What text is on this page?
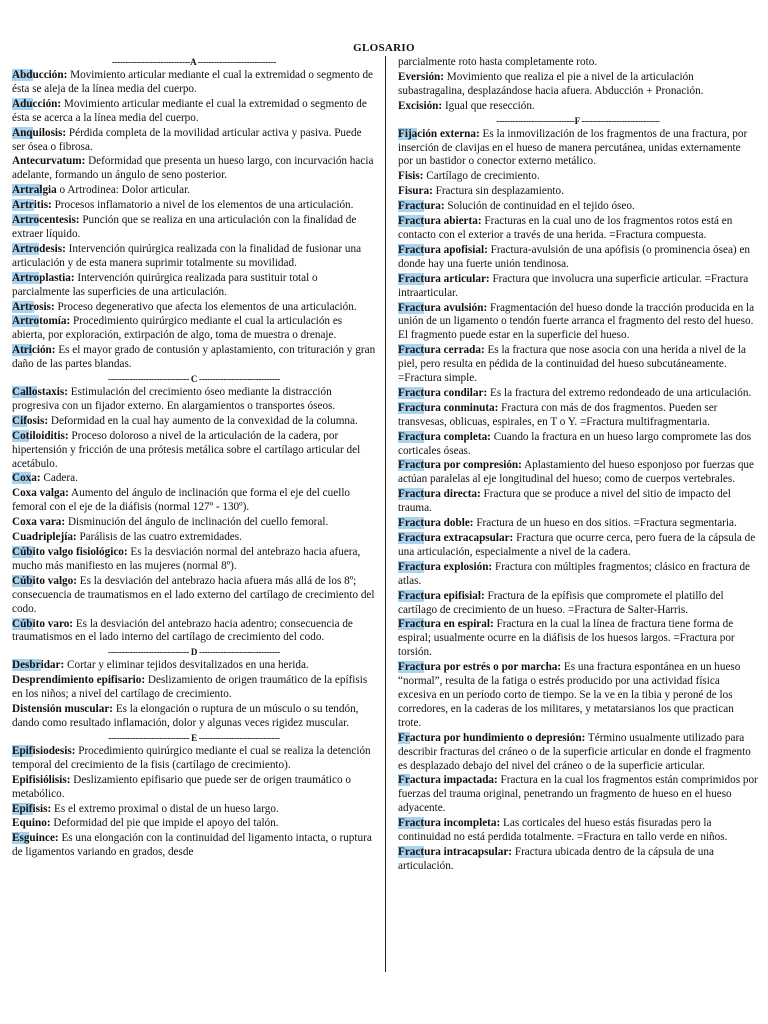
GLOSARIO
-----------------------------A -----------------------------
Abducción: Movimiento articular mediante el cual la extremidad o segmento de ésta se aleja de la línea media del cuerpo.
Aducción: Movimiento articular mediante el cual la extremidad o segmento de ésta se acerca a la línea media del cuerpo.
Anquilosis: Pérdida completa de la movilidad articular activa y pasiva. Puede ser ósea o fibrosa.
Antecurvatum: Deformidad que presenta un hueso largo, con incurvación hacia adelante, formando un ángulo de seno posterior.
Artralgia o Artrodinea: Dolor articular.
Artritis: Procesos inflamatorio a nivel de los elementos de una articulación.
Artrocentesis: Punción que se realiza en una articulación con la finalidad de extraer líquido.
Artrodesis: Intervención quirúrgica realizada con la finalidad de fusionar una articulación y de esta manera suprimir totalmente su movilidad.
Artroplastia: Intervención quirúrgica realizada para sustituir total o parcialmente las superficies de una articulación.
Artrosis: Proceso degenerativo que afecta los elementos de una articulación.
Artrotomía: Procedimiento quirúrgico mediante el cual la articulación es abierta, por exploración, extirpación de algo, toma de muestra o drenaje.
Atrición: Es el mayor grado de contusión y aplastamiento, con trituración y gran daño de las partes blandas.
------------------------------ C ------------------------------
Callostaxis: Estimulación del crecimiento óseo mediante la distracción progresiva con un fijador externo. En alargamientos o transportes óseos.
Cifosis: Deformidad en la cual hay aumento de la convexidad de la columna.
Cotiloiditis: Proceso doloroso a nivel de la articulación de la cadera, por hipertensión y fricción de una prótesis metálica sobre el cartílago articular del acetábulo.
Coxa: Cadera.
Coxa valga: Aumento del ángulo de inclinación que forma el eje del cuello femoral con el eje de la diáfisis (normal 127º - 130º).
Coxa vara: Disminución del ángulo de inclinación del cuello femoral.
Cuadriplejía: Parálisis de las cuatro extremidades.
Cúbito valgo fisiológico: Es la desviación normal del antebrazo hacia afuera, mucho más manifiesto en las mujeres (normal 8º).
Cúbito valgo: Es la desviación del antebrazo hacia afuera más allá de los 8º; consecuencia de traumatismos en el lado externo del cartílago de crecimiento del codo.
Cúbito varo: Es la desviación del antebrazo hacia adentro; consecuencia de traumatismos en el lado interno del cartílago de crecimiento del codo.
------------------------------ D ------------------------------
Desbridar: Cortar y eliminar tejidos desvitalizados en una herida.
Desprendimiento epifisario: Deslizamiento de origen traumático de la epífisis en los niños; a nivel del cartílago de crecimiento.
Distensión muscular: Es la elongación o ruptura de un músculo o su tendón, dando como resultado inflamación, dolor y algunas veces rigidez muscular.
------------------------------ E ------------------------------
Epifisiodesis: Procedimiento quirúrgico mediante el cual se realiza la detención temporal del crecimiento de la fisis (cartílago de crecimiento).
Epifisiólisis: Deslizamiento epifisario que puede ser de origen traumático o metabólico.
Epifisis: Es el extremo proximal o distal de un hueso largo.
Equino: Deformidad del pie que impide el apoyo del talón.
Esguince: Es una elongación con la continuidad del ligamento intacta, o ruptura de ligamentos variando en grados, desde
parcialmente roto hasta completamente roto.
Eversión: Movimiento que realiza el pie a nivel de la articulación subastragalina, desplazándose hacia afuera. Abducción + Pronación.
Excisión: Igual que resección.
-----------------------------F -----------------------------
Fijación externa: Es la inmovilización de los fragmentos de una fractura, por inserción de clavijas en el hueso de manera percutánea, unidas externamente por un bastidor o conector externo metálico.
Fisis: Cartílago de crecimiento.
Fisura: Fractura sin desplazamiento.
Fractura: Solución de continuidad en el tejido óseo.
Fractura abierta: Fracturas en la cual uno de los fragmentos rotos está en contacto con el exterior a través de una herida. =Fractura compuesta.
Fractura apofisial: Fractura-avulsión de una apófisis (o prominencia ósea) en donde hay una fuerte unión tendinosa.
Fractura articular: Fractura que involucra una superficie articular. =Fractura intraarticular.
Fractura avulsión: Fragmentación del hueso donde la tracción producida en la unión de un ligamento o tendón fuerte arranca el fragmento del resto del hueso. El fragmento puede estar en la superficie del hueso.
Fractura cerrada: Es la fractura que nose asocia con una herida a nivel de la piel, pero resulta en pédida de la continuidad del hueso subcutáneamente. =Fractura simple.
Fractura condilar: Es la fractura del extremo redondeado de una articulación.
Fractura conminuta: Fractura con más de dos fragmentos. Pueden ser transvesas, oblicuas, espirales, en T o Y. =Fractura multifragmentaria.
Fractura completa: Cuando la fractura en un hueso largo compromete las dos corticales óseas.
Fractura por compresión: Aplastamiento del hueso esponjoso por fuerzas que actúan paralelas al eje longitudinal del hueso; como de cuerpos vertebrales.
Fractura directa: Fractura que se produce a nivel del sitio de impacto del trauma.
Fractura doble: Fractura de un hueso en dos sitios. =Fractura segmentaria.
Fractura extracapsular: Fractura que ocurre cerca, pero fuera de la cápsula de una articulación, especialmente a nivel de la cadera.
Fractura explosión: Fractura con múltiples fragmentos; clásico en fractura de atlas.
Fractura epifisial: Fractura de la epífisis que compromete el platillo del cartílago de crecimiento de un hueso. =Fractura de Salter-Harris.
Fractura en espiral: Fractura en la cual la línea de fractura tiene forma de espiral; usualmente ocurre en la diáfisis de los huesos largos. =Fractura por torsión.
Fractura por estrés o por marcha: Es una fractura espontánea en un hueso “normal”, resulta de la fatiga o estrés producido por una actividad física excesiva en un período corto de tiempo. Se la ve en la tibia y peroné de los corredores, en la caderas de los militares, y metatarsianos los que practican trote.
Fractura por hundimiento o depresión: Término usualmente utilizado para describir fracturas del cráneo o de la superficie articular en donde el fragmento es desplazado debajo del nivel del cráneo o de la superficie articular.
Fractura impactada: Fractura en la cual los fragmentos están comprimidos por fuerzas del trauma original, penetrando un fragmento de hueso en el hueso adyacente.
Fractura incompleta: Las corticales del hueso estás fisuradas pero la continuidad no está perdida totalmente. =Fractura en tallo verde en niños.
Fractura intracapsular: Fractura ubicada dentro de la cápsula de una articulación.
